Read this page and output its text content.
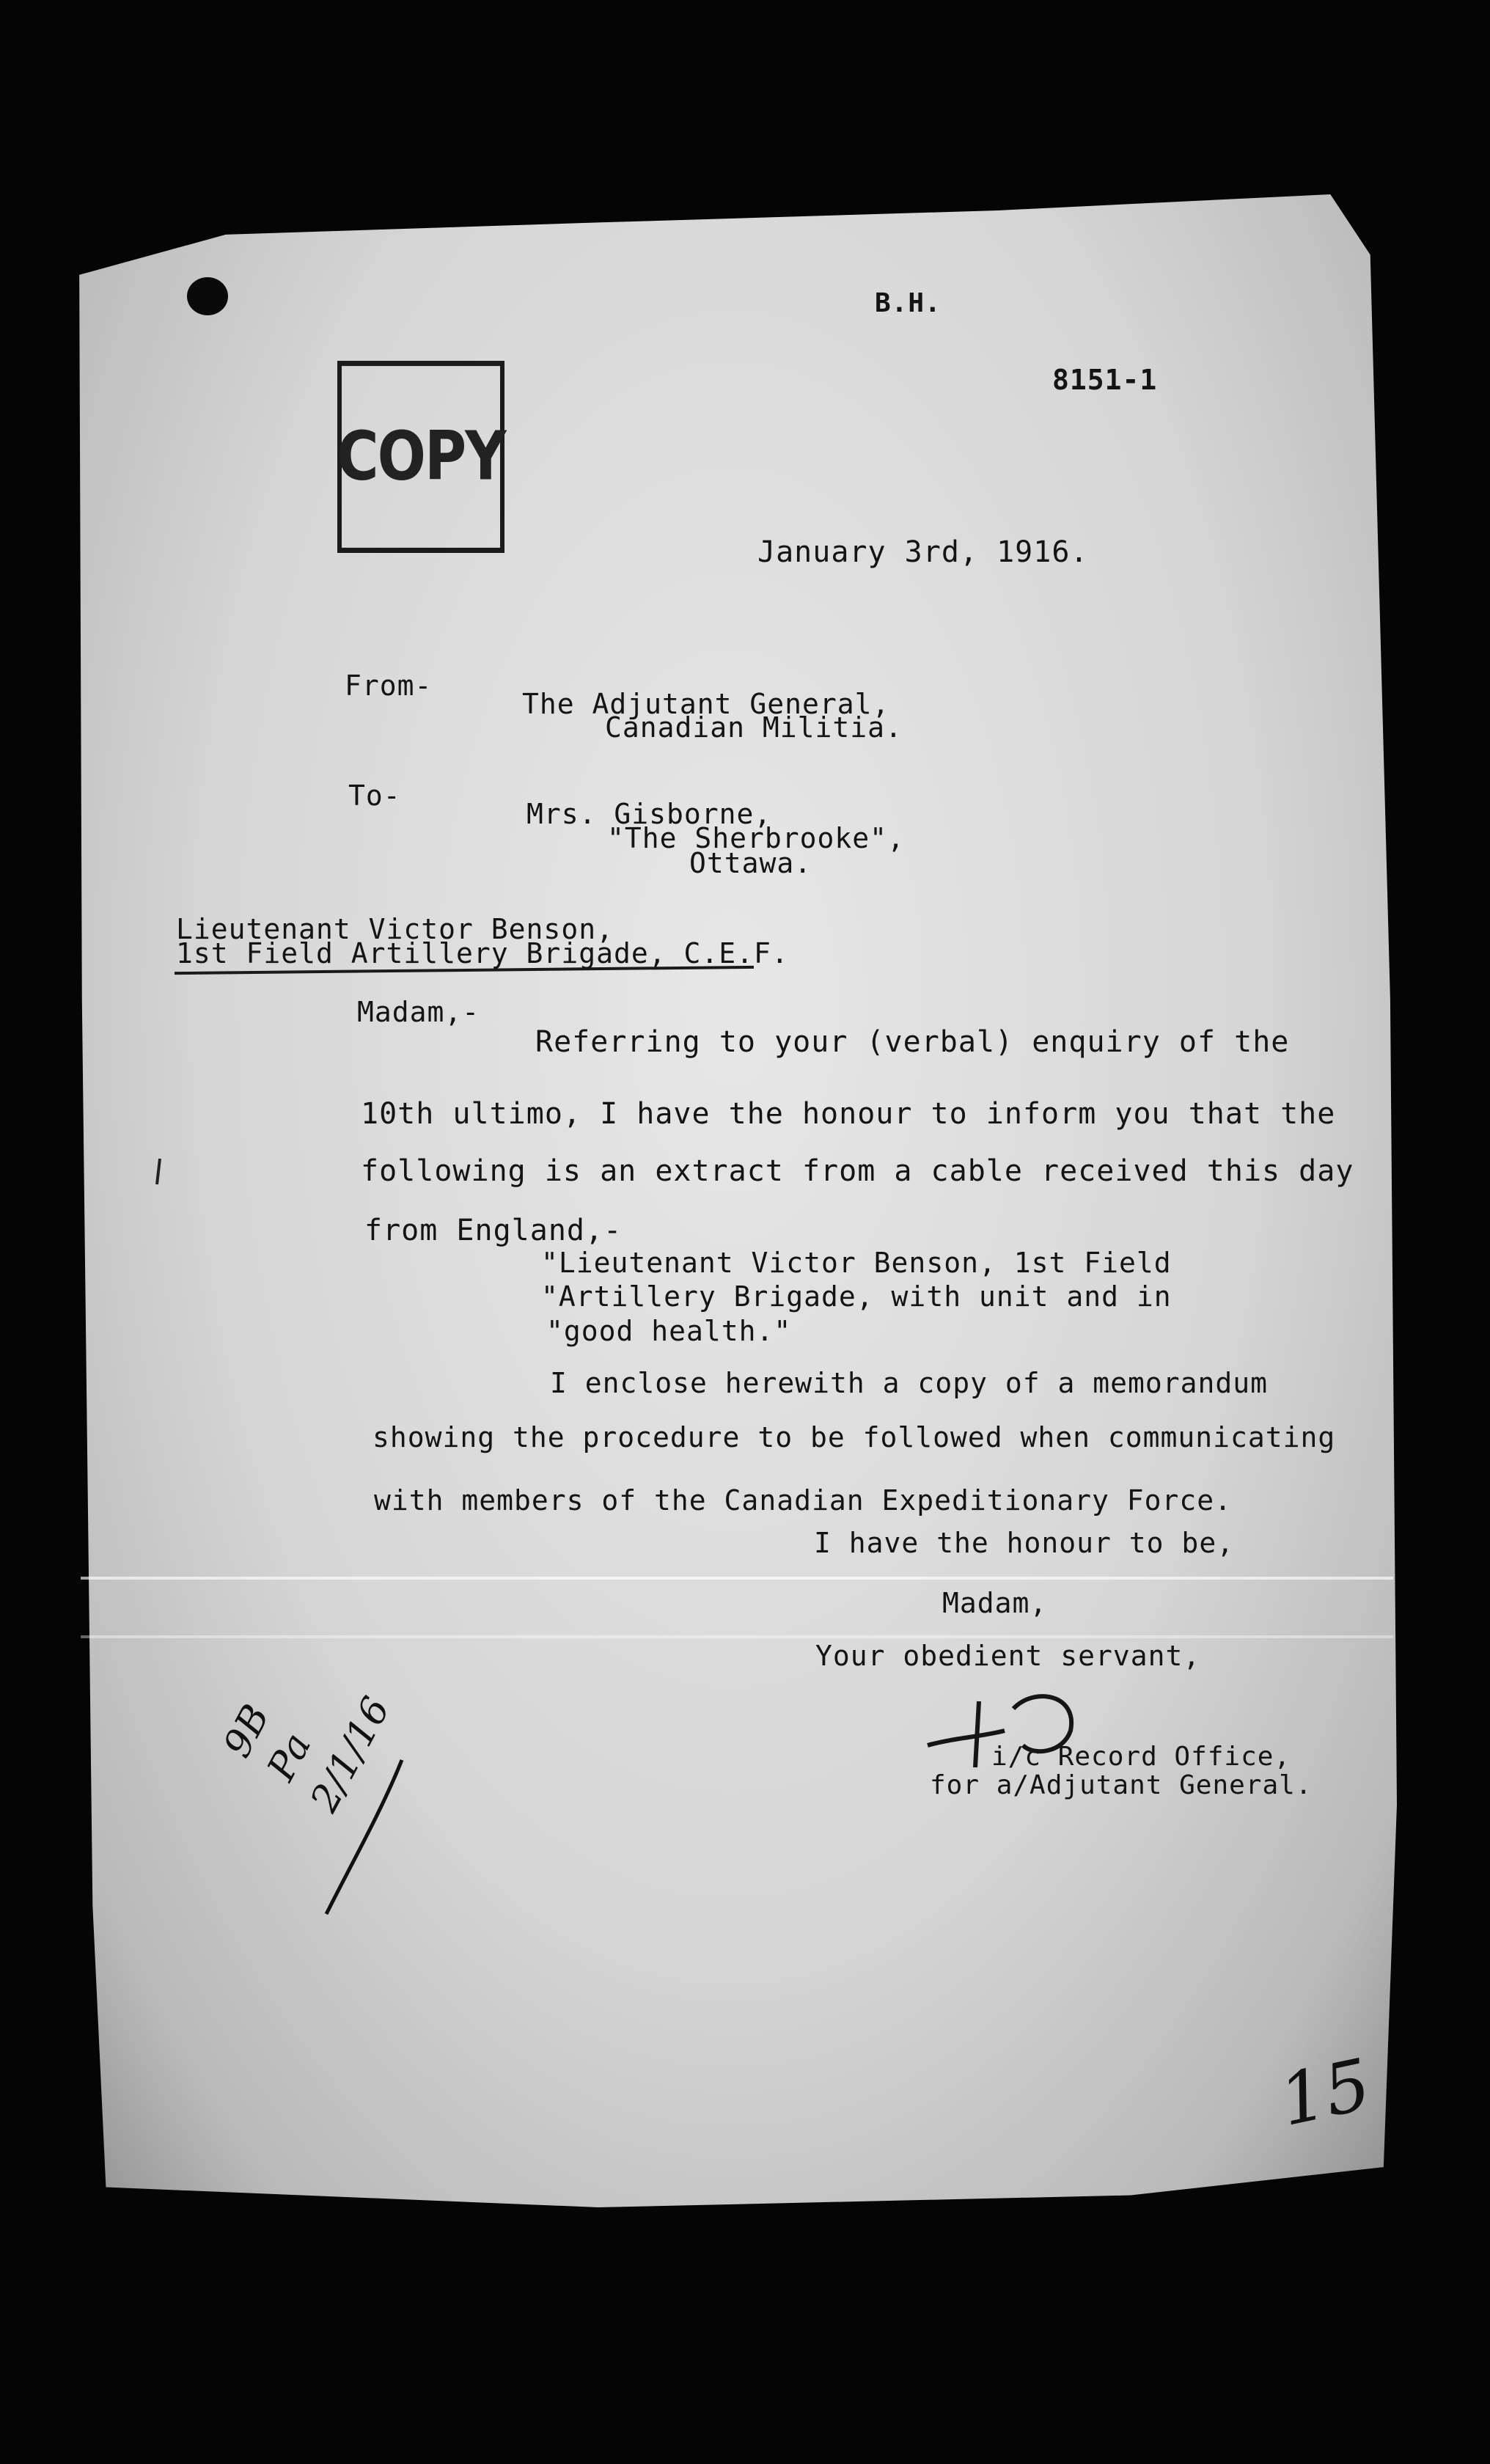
B.H.
8151-1
COPY
January 3rd, 1916.
From-
The Adjutant General,
Canadian Militia.
To-
Mrs. Gisborne,
"The Sherbrooke",
Ottawa.
Lieutenant Victor Benson,
1st Field Artillery Brigade, C.E.F.
Madam,-
Referring to your (verbal) enquiry of the
10th ultimo, I have the honour to inform you that the
following is an extract from a cable received this day
from England,-
"Lieutenant Victor Benson, 1st Field
"Artillery Brigade, with unit and in
"good health."
I enclose herewith a copy of a memorandum
showing the procedure to be followed when communicating
with members of the Canadian Expeditionary Force.
I have the honour to be,
Madam,
Your obedient servant,
i/c Record Office,
for a/Adjutant General.
9B
Pa
2/1/16
15
